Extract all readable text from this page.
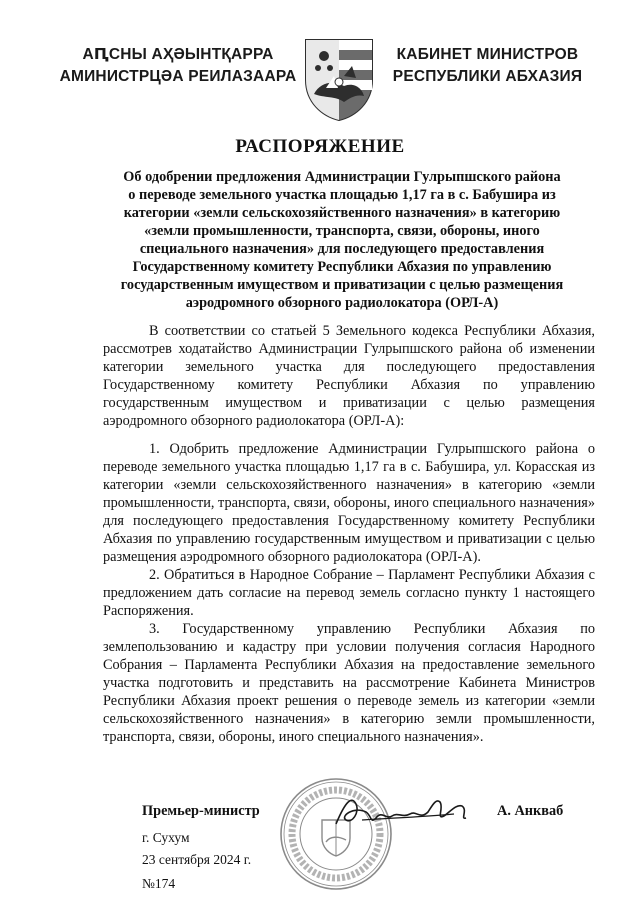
АԤСНЫ АҲӘЫНТҚАРРА
АМИНИСТРЦӘА РЕИЛАЗААРА
КАБИНЕТ МИНИСТРОВ
РЕСПУБЛИКИ АБХАЗИЯ
РАСПОРЯЖЕНИЕ
Об одобрении предложения Администрации Гулрыпшского района
о переводе земельного участка площадью 1,17 га в с. Бабушира из
категории «земли сельскохозяйственного назначения» в категорию
«земли промышленности, транспорта, связи, обороны, иного
специального назначения» для последующего предоставления
Государственному комитету Республики Абхазия по управлению
государственным имуществом и приватизации с целью размещения
аэродромного обзорного радиолокатора (ОРЛ-А)

В соответствии со статьей 5 Земельного кодекса Республики Абхазия, рассмотрев ходатайство Администрации Гулрыпшского района об изменении категории земельного участка для последующего предоставления Государственному комитету Республики Абхазия по управлению государственным имуществом и приватизации с целью размещения аэродромного обзорного радиолокатора (ОРЛ-А):

1. Одобрить предложение Администрации Гулрыпшского района о переводе земельного участка площадью 1,17 га в с. Бабушира, ул. Корасская из категории «земли сельскохозяйственного назначения» в категорию «земли промышленности, транспорта, связи, обороны, иного специального назначения» для последующего предоставления Государственному комитету Республики Абхазия по управлению государственным имуществом и приватизации с целью размещения аэродромного обзорного радиолокатора (ОРЛ-А).

2. Обратиться в Народное Собрание – Парламент Республики Абхазия с предложением дать согласие на перевод земель согласно пункту 1 настоящего Распоряжения.

3. Государственному управлению Республики Абхазия по землепользованию и кадастру при условии получения согласия Народного Собрания – Парламента Республики Абхазия на предоставление земельного участка подготовить и представить на рассмотрение Кабинета Министров Республики Абхазия проект решения о переводе земель из категории «земли сельскохозяйственного назначения» в категорию земли промышленности, транспорта, связи, обороны, иного специального назначения».

Премьер-министр	А. Анкваб
г. Сухум
23 сентября 2024 г.
№174
